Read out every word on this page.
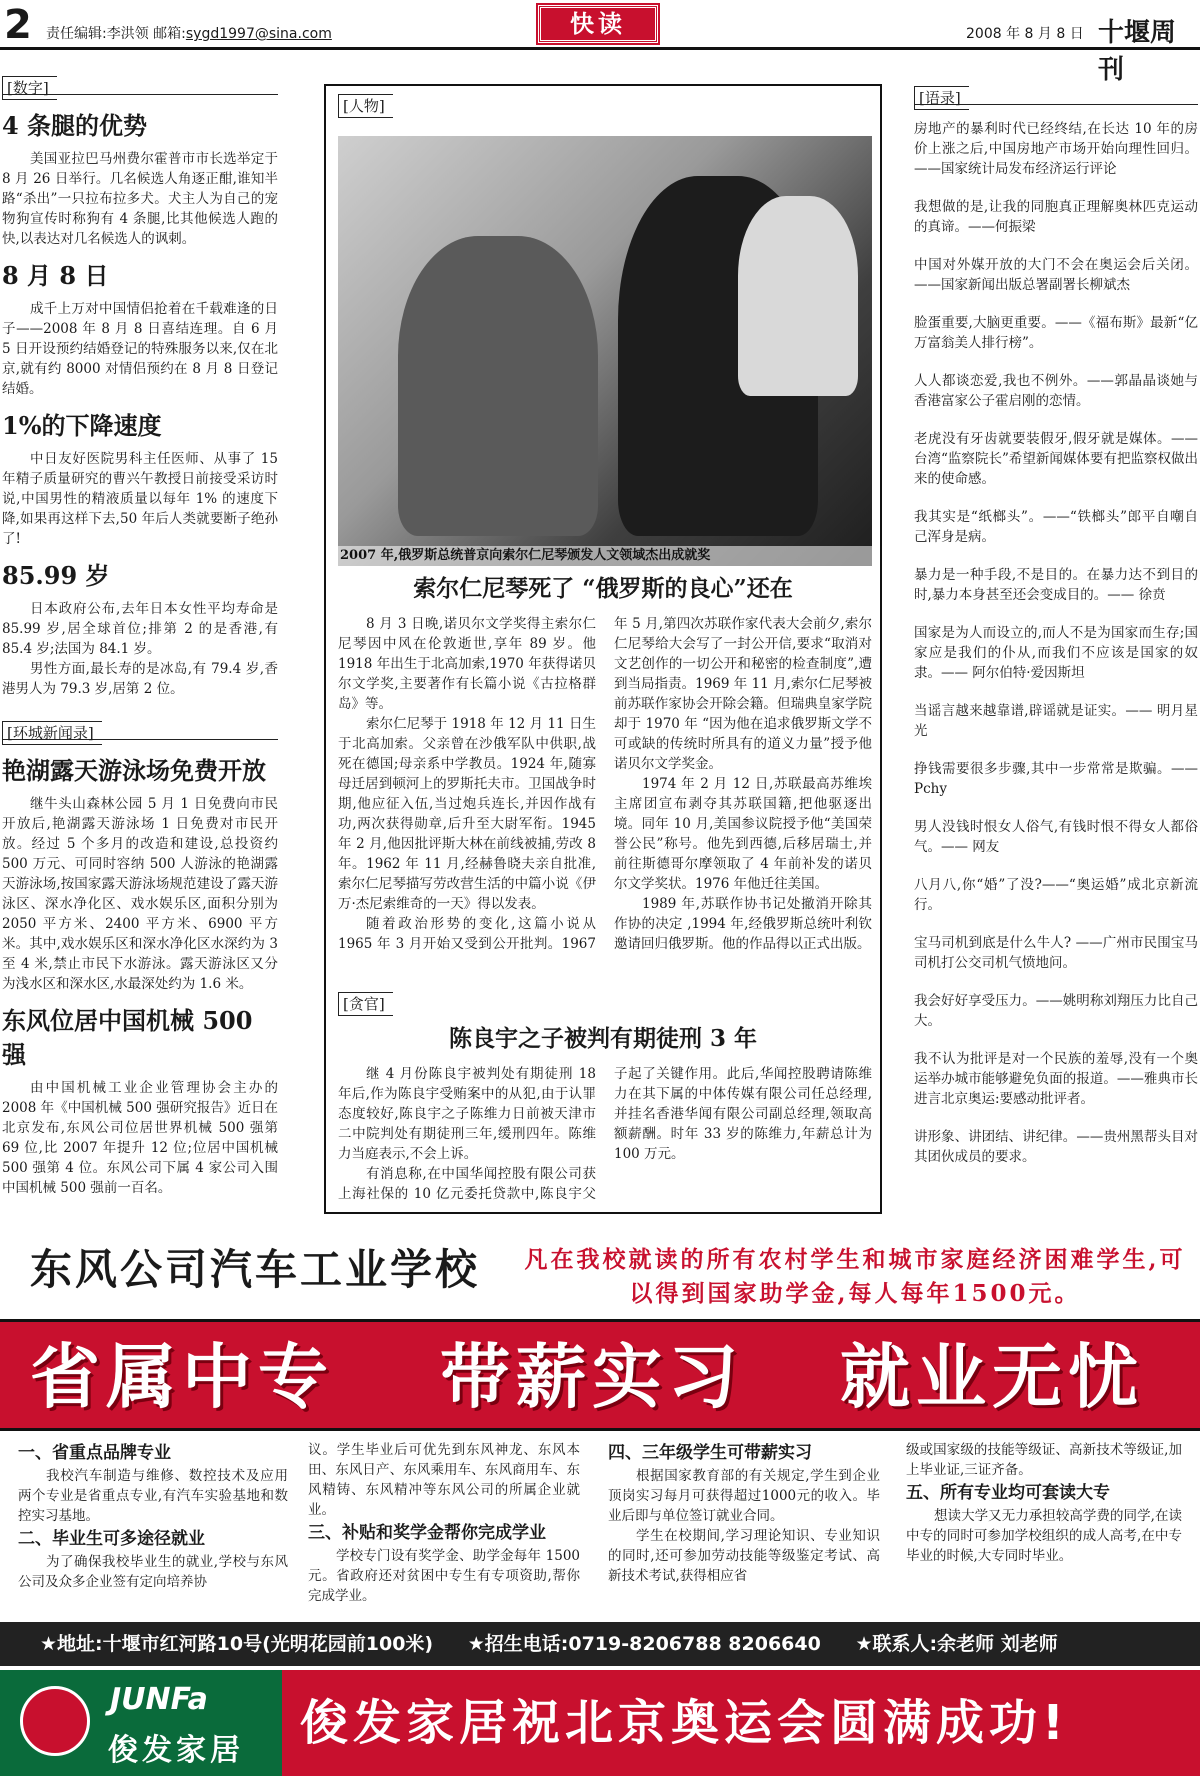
2 责任编辑:李洪领 邮箱:sygd1997@sina.com	快读	2008 年 8 月 8 日 十堰周刊
[数字]
4 条腿的优势

美国亚拉巴马州费尔霍普市市长选举定于 8 月 26 日举行。几名候选人角逐正酣,谁知半路“杀出”一只拉布拉多犬。犬主人为自己的宠物狗宣传时称狗有 4 条腿,比其他候选人跑的快,以表达对几名候选人的讽刺。

8 月 8 日

成千上万对中国情侣抢着在千载难逢的日子——2008 年 8 月 8 日喜结连理。自 6 月 5 日开设预约结婚登记的特殊服务以来,仅在北京,就有约 8000 对情侣预约在 8 月 8 日登记结婚。

1%的下降速度

中日友好医院男科主任医师、从事了 15 年精子质量研究的曹兴午教授日前接受采访时说,中国男性的精液质量以每年 1% 的速度下降,如果再这样下去,50 年后人类就要断子绝孙了!

85.99 岁

日本政府公布,去年日本女性平均寿命是 85.99 岁,居全球首位;排第 2 的是香港,有 85.4 岁;法国为 84.1 岁。

男性方面,最长寿的是冰岛,有 79.4 岁,香港男人为 79.3 岁,居第 2 位。

[环城新闻录]
艳湖露天游泳场免费开放

继牛头山森林公园 5 月 1 日免费向市民开放后,艳湖露天游泳场 1 日免费对市民开放。经过 5 个多月的改造和建设,总投资约 500 万元、可同时容纳 500 人游泳的艳湖露天游泳场,按国家露天游泳场规范建设了露天游泳区、深水净化区、戏水娱乐区,面积分别为 2050 平方米、2400 平方米、6900 平方米。其中,戏水娱乐区和深水净化区水深约为 3 至 4 米,禁止市民下水游泳。露天游泳区又分为浅水区和深水区,水最深处约为 1.6 米。

东风位居中国机械 500 强

由中国机械工业企业管理协会主办的 2008 年《中国机械 500 强研究报告》近日在北京发布,东风公司位居世界机械 500 强第 69 位,比 2007 年提升 12 位;位居中国机械 500 强第 4 位。东风公司下属 4 家公司入围中国机械 500 强前一百名。

[人物]
2007 年,俄罗斯总统普京向索尔仁尼琴颁发人文领域杰出成就奖
索尔仁尼琴死了 “俄罗斯的良心”还在

8 月 3 日晚,诺贝尔文学奖得主索尔仁尼琴因中风在伦敦逝世,享年 89 岁。他 1918 年出生于北高加索,1970 年获得诺贝尔文学奖,主要著作有长篇小说《古拉格群岛》等。

索尔仁尼琴于 1918 年 12 月 11 日生于北高加索。父亲曾在沙俄军队中供职,战死在德国;母亲系中学教员。1924 年,随寡母迁居到顿河上的罗斯托夫市。卫国战争时期,他应征入伍,当过炮兵连长,并因作战有功,两次获得勋章,后升至大尉军衔。1945 年 2 月,他因批评斯大林在前线被捕,劳改 8 年。1962 年 11 月,经赫鲁晓夫亲自批准,索尔仁尼琴描写劳改营生活的中篇小说《伊万·杰尼索维奇的一天》得以发表。

随着政治形势的变化,这篇小说从 1965 年 3 月开始又受到公开批判。1967 年 5 月,第四次苏联作家代表大会前夕,索尔仁尼琴给大会写了一封公开信,要求“取消对文艺创作的一切公开和秘密的检查制度”,遭到当局指责。1969 年 11 月,索尔仁尼琴被前苏联作家协会开除会籍。但瑞典皇家学院却于 1970 年 “因为他在追求俄罗斯文学不可或缺的传统时所具有的道义力量”授予他诺贝尔文学奖金。

1974 年 2 月 12 日,苏联最高苏维埃主席团宣布剥夺其苏联国籍,把他驱逐出境。同年 10 月,美国参议院授予他“美国荣誉公民”称号。他先到西德,后移居瑞士,并前往斯德哥尔摩领取了 4 年前补发的诺贝尔文学奖状。1976 年他迁往美国。

1989 年,苏联作协书记处撤消开除其作协的决定 ,1994 年,经俄罗斯总统叶利钦邀请回归俄罗斯。他的作品得以正式出版。

[贪官]
陈良宇之子被判有期徒刑 3 年

继 4 月份陈良宇被判处有期徒刑 18 年后,作为陈良宇受贿案中的从犯,由于认罪态度较好,陈良宇之子陈维力日前被天津市二中院判处有期徒刑三年,缓刑四年。陈维力当庭表示,不会上诉。

有消息称,在中国华闻控股有限公司获上海社保的 10 亿元委托贷款中,陈良宇父子起了关键作用。此后,华闻控股聘请陈维力在其下属的中体传媒有限公司任总经理,并挂名香港华闻有限公司副总经理,领取高额薪酬。时年 33 岁的陈维力,年薪总计为 100 万元。

[语录]
房地产的暴利时代已经终结,在长达 10 年的房价上涨之后,中国房地产市场开始向理性回归。——国家统计局发布经济运行评论
我想做的是,让我的同胞真正理解奥林匹克运动的真谛。——何振梁
中国对外媒开放的大门不会在奥运会后关闭。——国家新闻出版总署副署长柳斌杰
脸蛋重要,大脑更重要。——《福布斯》最新“亿万富翁美人排行榜”。
人人都谈恋爱,我也不例外。——郭晶晶谈她与香港富家公子霍启刚的恋情。
老虎没有牙齿就要装假牙,假牙就是媒体。——台湾“监察院长”希望新闻媒体要有把监察权做出来的使命感。
我其实是“纸榔头”。——“铁榔头”郎平自嘲自己浑身是病。
暴力是一种手段,不是目的。在暴力达不到目的时,暴力本身甚至还会变成目的。—— 徐贲
国家是为人而设立的,而人不是为国家而生存;国家应是我们的仆从,而我们不应该是国家的奴隶。—— 阿尔伯特·爱因斯坦
当谣言越来越靠谱,辟谣就是证实。—— 明月星光
挣钱需要很多步骤,其中一步常常是欺骗。—— Pchy
男人没钱时恨女人俗气,有钱时恨不得女人都俗气。—— 网友
八月八,你“婚”了没?——“奥运婚”成北京新流行。
宝马司机到底是什么牛人? ——广州市民围宝马司机打公交司机气愤地问。
我会好好享受压力。——姚明称刘翔压力比自己大。
我不认为批评是对一个民族的羞辱,没有一个奥运举办城市能够避免负面的报道。——雅典市长进言北京奥运:要感动批评者。
讲形象、讲团结、讲纪律。——贵州黑帮头目对其团伙成员的要求。
东风公司汽车工业学校	凡在我校就读的所有农村学生和城市家庭经济困难学生,可以得到国家助学金,每人每年1500元。
省属中专 带薪实习 就业无忧
一、省重点品牌专业

我校汽车制造与维修、数控技术及应用两个专业是省重点专业,有汽车实验基地和数控实习基地。

二、毕业生可多途径就业

为了确保我校毕业生的就业,学校与东风公司及众多企业签有定向培养协

议。学生毕业后可优先到东风神龙、东风本田、东风日产、东风乘用车、东风商用车、东风精铸、东风精冲等东风公司的所属企业就业。

三、补贴和奖学金帮你完成学业

学校专门设有奖学金、助学金每年 1500元。省政府还对贫困中专生有专项资助,帮你完成学业。

四、三年级学生可带薪实习

根据国家教育部的有关规定,学生到企业顶岗实习每月可获得超过1000元的收入。毕业后即与单位签订就业合同。

学生在校期间,学习理论知识、专业知识的同时,还可参加劳动技能等级鉴定考试、高新技术考试,获得相应省

级或国家级的技能等级证、高新技术等级证,加上毕业证,三证齐备。

五、所有专业均可套读大专

想读大学又无力承担较高学费的同学,在读中专的同时可参加学校组织的成人高考,在中专毕业的时候,大专同时毕业。

★地址:十堰市红河路10号(光明花园前100米) ★招生电话:0719-8206788 8206640 ★联系人:余老师 刘老师
JUNFa
俊发家居 俊发家居祝北京奥运会圆满成功!
